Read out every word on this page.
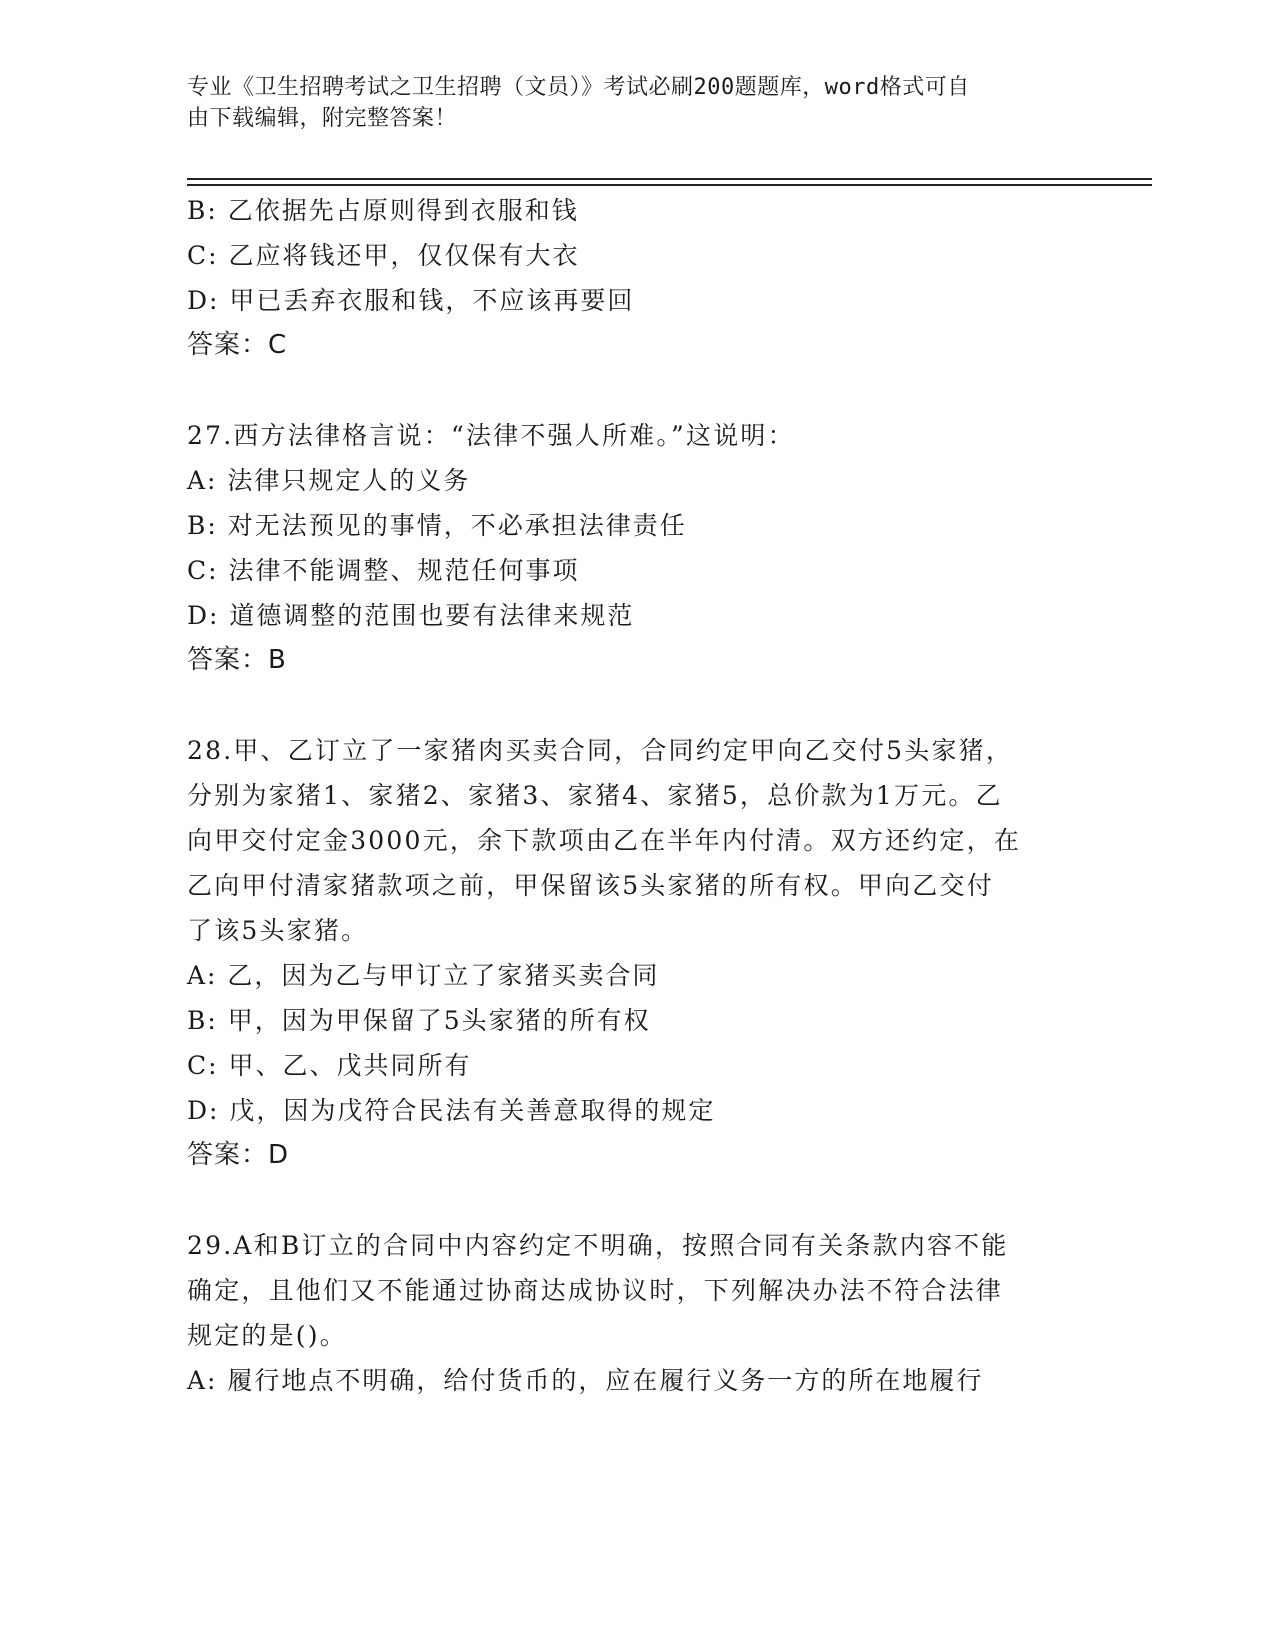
专业《卫生招聘考试之卫生招聘（文员）》考试必刷200题题库，word格式可自
由下载编辑，附完整答案！
B: 乙依据先占原则得到衣服和钱
C: 乙应将钱还甲，仅仅保有大衣
D: 甲已丢弃衣服和钱，不应该再要回
答案：C
27.西方法律格言说：“法律不强人所难。”这说明：
A: 法律只规定人的义务
B: 对无法预见的事情，不必承担法律责任
C: 法律不能调整、规范任何事项
D: 道德调整的范围也要有法律来规范
答案：B
28.甲、乙订立了一家猪肉买卖合同，合同约定甲向乙交付5头家猪，
分别为家猪1、家猪2、家猪3、家猪4、家猪5，总价款为1万元。乙
向甲交付定金3000元，余下款项由乙在半年内付清。双方还约定，在
乙向甲付清家猪款项之前，甲保留该5头家猪的所有权。甲向乙交付
了该5头家猪。
A: 乙，因为乙与甲订立了家猪买卖合同
B: 甲，因为甲保留了5头家猪的所有权
C: 甲、乙、戊共同所有
D: 戊，因为戊符合民法有关善意取得的规定
答案：D
29.A和B订立的合同中内容约定不明确，按照合同有关条款内容不能
确定，且他们又不能通过协商达成协议时，下列解决办法不符合法律
规定的是()。
A: 履行地点不明确，给付货币的，应在履行义务一方的所在地履行
